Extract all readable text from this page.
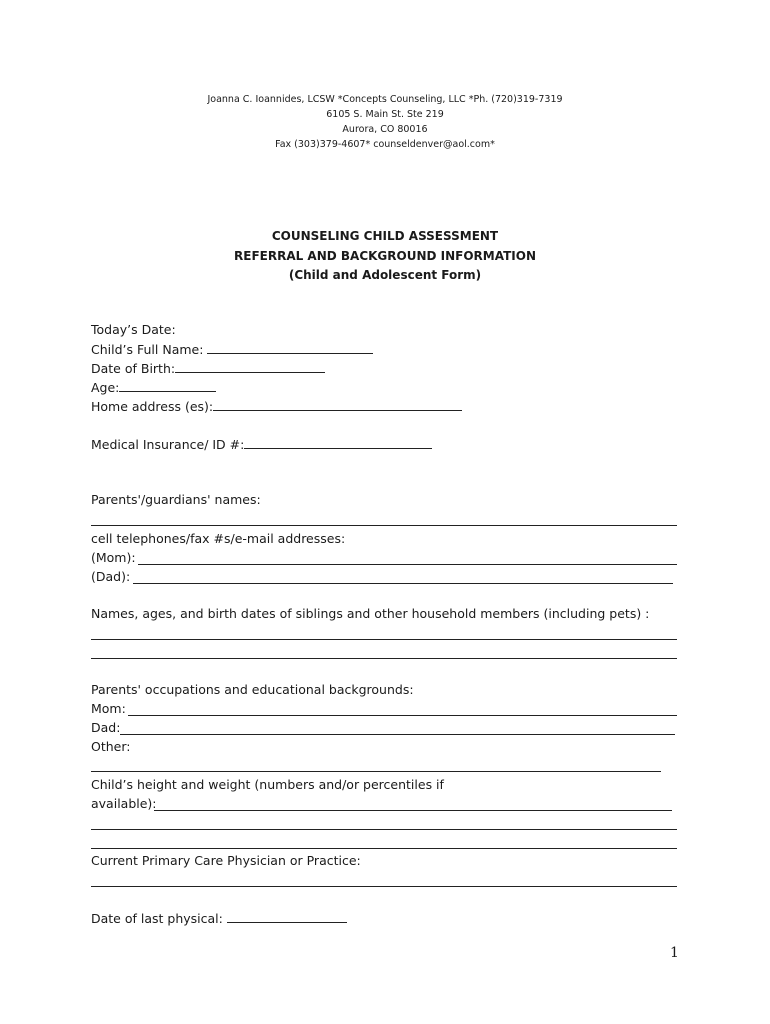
Joanna C. Ioannides, LCSW *Concepts Counseling, LLC *Ph. (720)319-7319
6105 S. Main St. Ste 219
Aurora, CO 80016
Fax (303)379-4607* counseldenver@aol.com*
COUNSELING CHILD ASSESSMENT
REFERRAL AND BACKGROUND INFORMATION
(Child and Adolescent Form)
Today’s Date:
Child’s Full Name:
Date of Birth:
Age:
Home address (es):
Medical Insurance/ ID #:
Parents'/guardians' names:
cell telephones/fax #s/e-mail addresses:
(Mom):
(Dad):
Names, ages, and birth dates of siblings and other household members (including pets) :
Parents' occupations and educational backgrounds:
Mom:
Dad:
Other:
Child’s height and weight (numbers and/or percentiles if
available):
Current Primary Care Physician or Practice:
Date of last physical:
1
